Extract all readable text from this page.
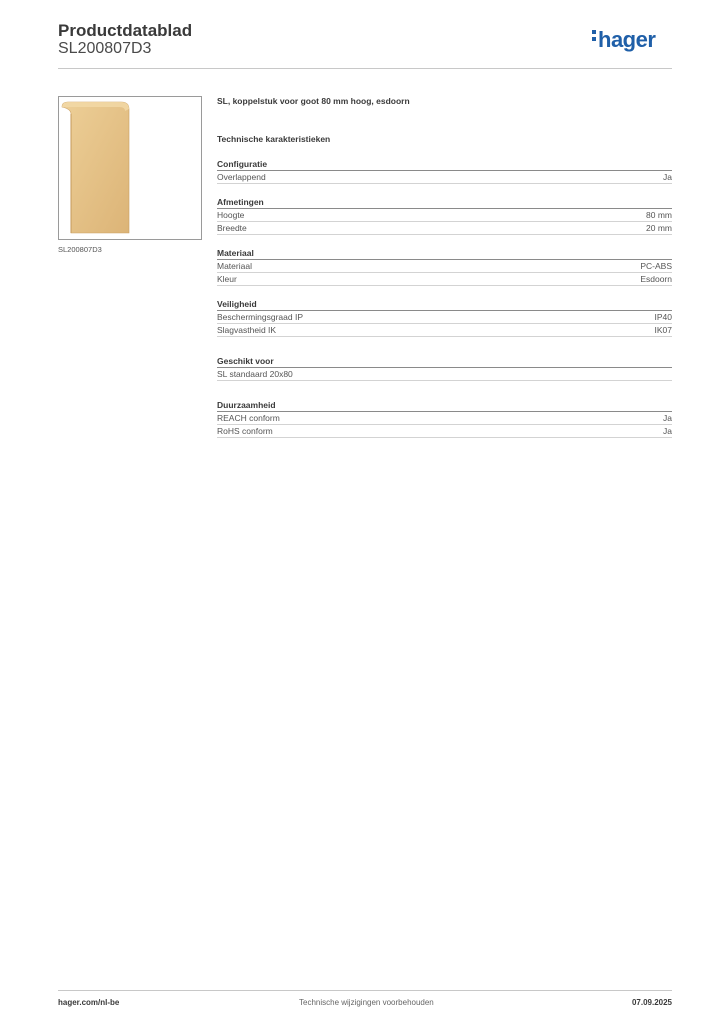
Productdatablad
SL200807D3	hager
SL200807D3
SL, koppelstuk voor goot 80 mm hoog, esdoorn
Technische karakteristieken
Configuratie
Overlappend	Ja
Afmetingen
Hoogte	80 mm
Breedte	20 mm
Materiaal
Materiaal	PC-ABS
Kleur	Esdoorn
Veiligheid
Beschermingsgraad IP	IP40
Slagvastheid IK	IK07
Geschikt voor
SL standaard 20x80
Duurzaamheid
REACH conform	Ja
RoHS conform	Ja
hager.com/nl-be	Technische wijzigingen voorbehouden	07.09.2025
